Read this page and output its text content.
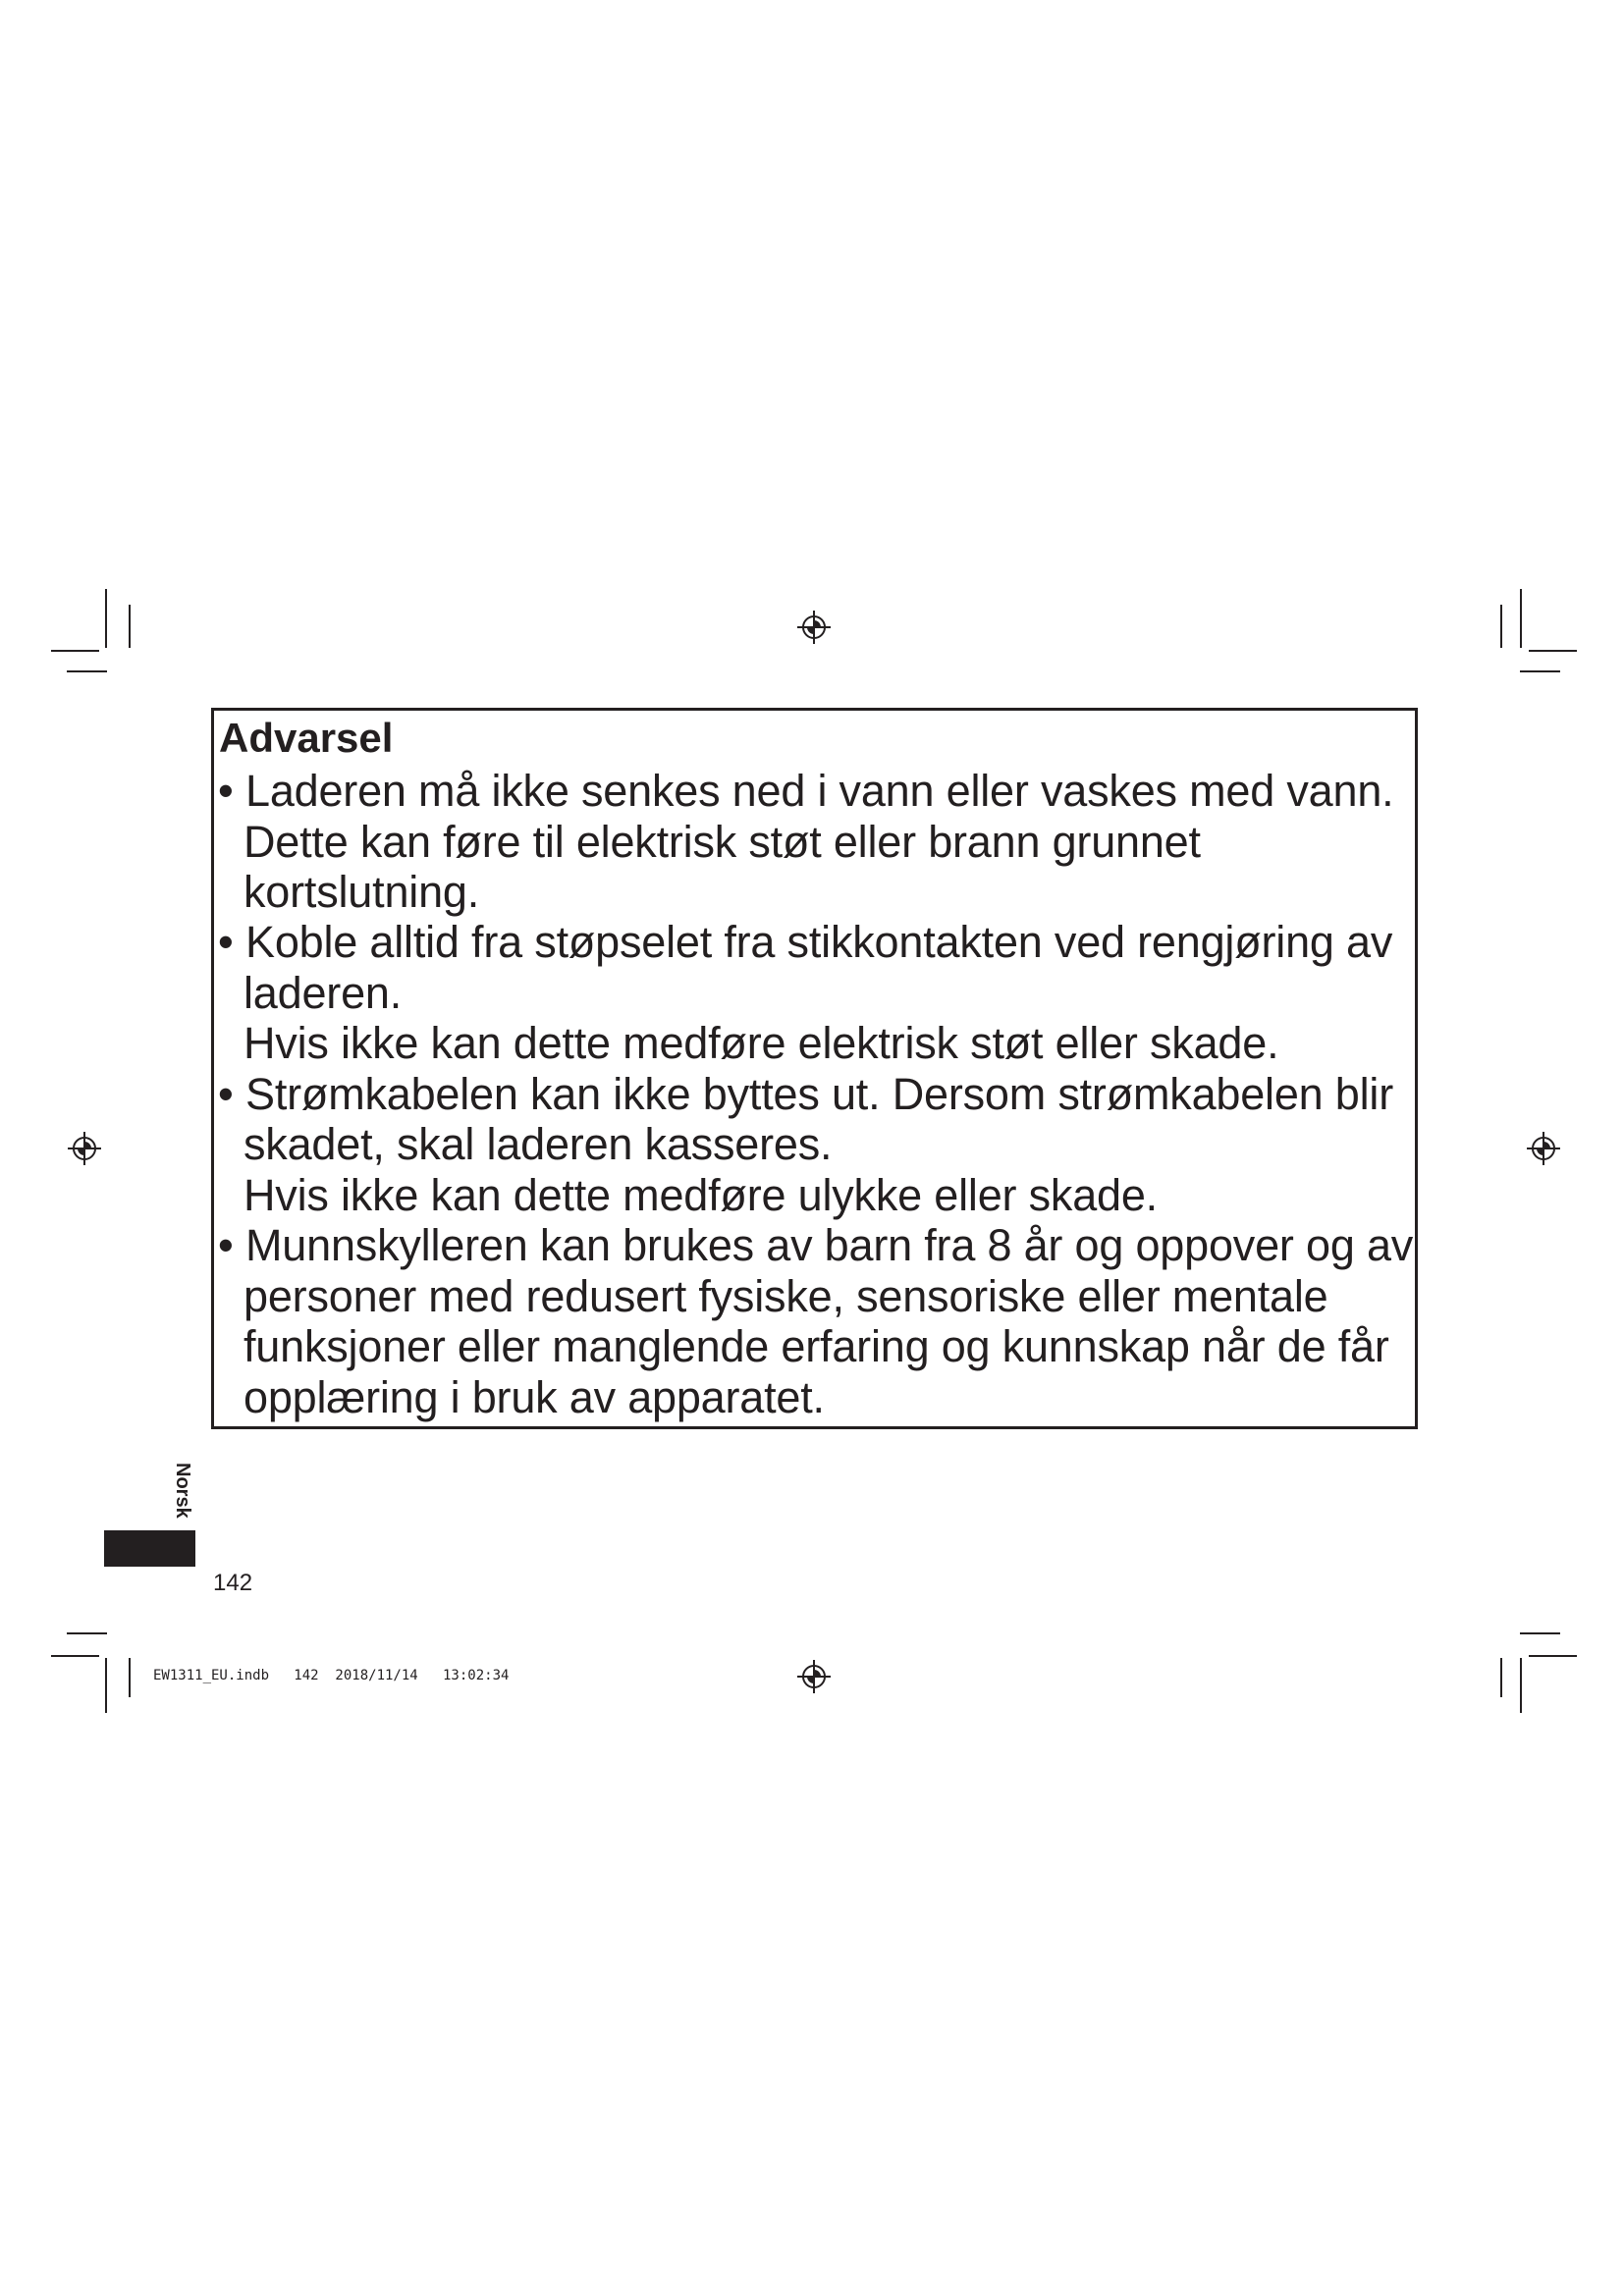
Advarsel
• Laderen må ikke senkes ned i vann eller vaskes med vann.
Dette kan føre til elektrisk støt eller brann grunnet
kortslutning.
• Koble alltid fra støpselet fra stikkontakten ved rengjøring av
laderen.
Hvis ikke kan dette medføre elektrisk støt eller skade.
• Strømkabelen kan ikke byttes ut. Dersom strømkabelen blir
skadet, skal laderen kasseres.
Hvis ikke kan dette medføre ulykke eller skade.
• Munnskylleren kan brukes av barn fra 8 år og oppover og av
personer med redusert fysiske, sensoriske eller mentale
funksjoner eller manglende erfaring og kunnskap når de får
opplæring i bruk av apparatet.
Norsk
142
EW1311_EU.indb   142  2018/11/14   13:02:34
